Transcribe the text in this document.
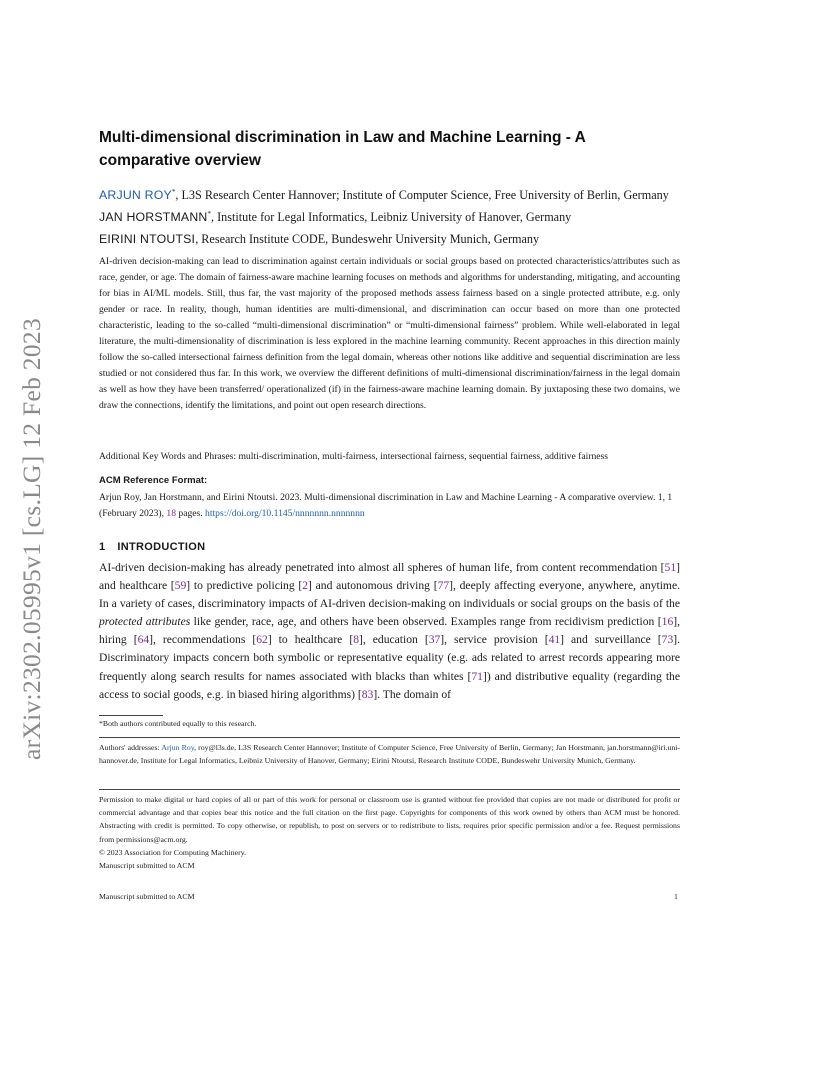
arXiv:2302.05995v1 [cs.LG] 12 Feb 2023
Multi-dimensional discrimination in Law and Machine Learning - A comparative overview
ARJUN ROY*, L3S Research Center Hannover; Institute of Computer Science, Free University of Berlin, Germany
JAN HORSTMANN*, Institute for Legal Informatics, Leibniz University of Hanover, Germany
EIRINI NTOUTSI, Research Institute CODE, Bundeswehr University Munich, Germany
AI-driven decision-making can lead to discrimination against certain individuals or social groups based on protected characteristics/attributes such as race, gender, or age. The domain of fairness-aware machine learning focuses on methods and algorithms for understanding, mitigating, and accounting for bias in AI/ML models. Still, thus far, the vast majority of the proposed methods assess fairness based on a single protected attribute, e.g. only gender or race. In reality, though, human identities are multi-dimensional, and discrimination can occur based on more than one protected characteristic, leading to the so-called “multi-dimensional discrimination” or “multi-dimensional fairness” problem. While well-elaborated in legal literature, the multi-dimensionality of discrimination is less explored in the machine learning community. Recent approaches in this direction mainly follow the so-called intersectional fairness definition from the legal domain, whereas other notions like additive and sequential discrimination are less studied or not considered thus far. In this work, we overview the different definitions of multi-dimensional discrimination/fairness in the legal domain as well as how they have been transferred/ operationalized (if) in the fairness-aware machine learning domain. By juxtaposing these two domains, we draw the connections, identify the limitations, and point out open research directions.
Additional Key Words and Phrases: multi-discrimination, multi-fairness, intersectional fairness, sequential fairness, additive fairness
ACM Reference Format:
Arjun Roy, Jan Horstmann, and Eirini Ntoutsi. 2023. Multi-dimensional discrimination in Law and Machine Learning - A comparative overview. 1, 1 (February 2023), 18 pages. https://doi.org/10.1145/nnnnnnn.nnnnnnn
1 INTRODUCTION
AI-driven decision-making has already penetrated into almost all spheres of human life, from content recommendation [51] and healthcare [59] to predictive policing [2] and autonomous driving [77], deeply affecting everyone, anywhere, anytime. In a variety of cases, discriminatory impacts of AI-driven decision-making on individuals or social groups on the basis of the protected attributes like gender, race, age, and others have been observed. Examples range from recidivism prediction [16], hiring [64], recommendations [62] to healthcare [8], education [37], service provision [41] and surveillance [73]. Discriminatory impacts concern both symbolic or representative equality (e.g. ads related to arrest records appearing more frequently along search results for names associated with blacks than whites [71]) and distributive equality (regarding the access to social goods, e.g. in biased hiring algorithms) [83]. The domain of
*Both authors contributed equally to this research.
Authors' addresses: Arjun Roy, roy@l3s.de, L3S Research Center Hannover; Institute of Computer Science, Free University of Berlin, Germany; Jan Horstmann, jan.horstmann@iri.uni-hannover.de, Institute for Legal Informatics, Leibniz University of Hanover, Germany; Eirini Ntoutsi, Research Institute CODE, Bundeswehr University Munich, Germany.
Permission to make digital or hard copies of all or part of this work for personal or classroom use is granted without fee provided that copies are not made or distributed for profit or commercial advantage and that copies bear this notice and the full citation on the first page. Copyrights for components of this work owned by others than ACM must be honored. Abstracting with credit is permitted. To copy otherwise, or republish, to post on servers or to redistribute to lists, requires prior specific permission and/or a fee. Request permissions from permissions@acm.org.
© 2023 Association for Computing Machinery.
Manuscript submitted to ACM
Manuscript submitted to ACM	1
